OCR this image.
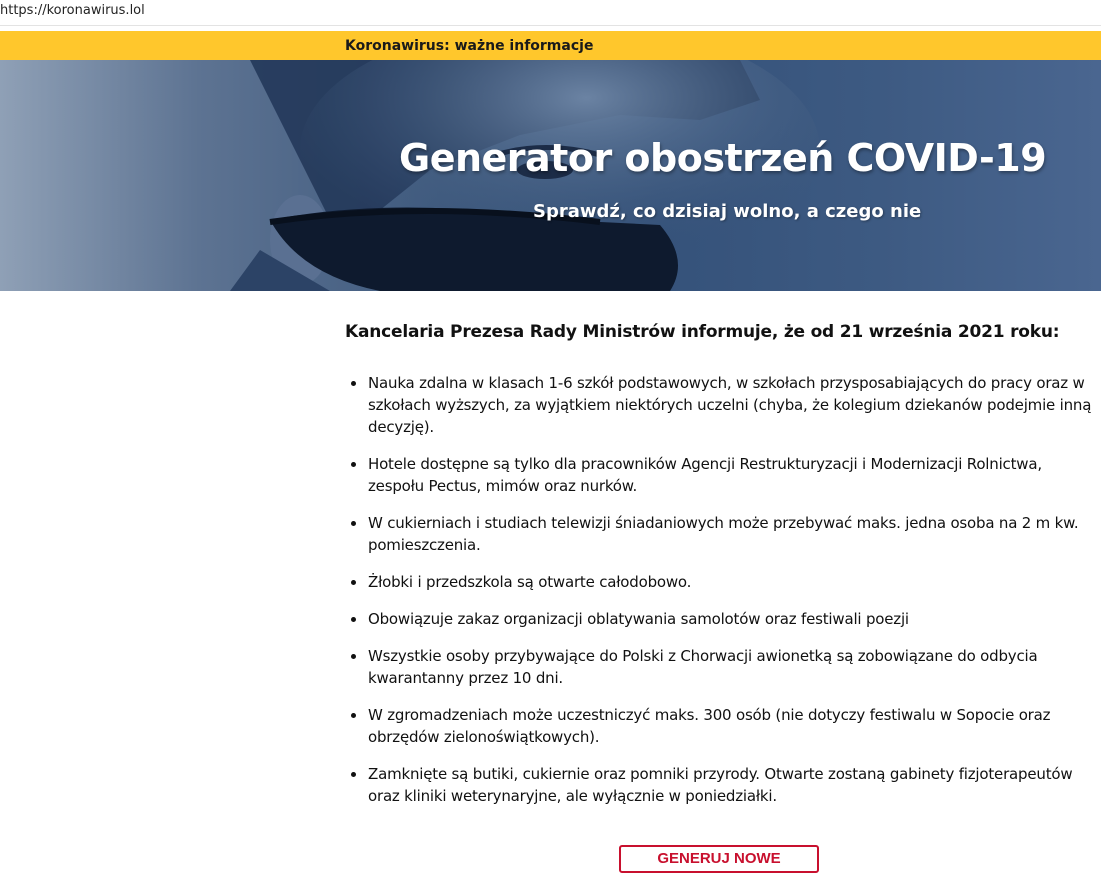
https://koronawirus.lol
Koronawirus: ważne informacje
Generator obostrzeń COVID-19
Sprawdź, co dzisiaj wolno, a czego nie

Kancelaria Prezesa Rady Ministrów informuje, że od 21 września 2021 roku:

Nauka zdalna w klasach 1-6 szkół podstawowych, w szkołach przysposabiających do pracy oraz w szkołach wyższych, za wyjątkiem niektórych uczelni (chyba, że kolegium dziekanów podejmie inną decyzję).
Hotele dostępne są tylko dla pracowników Agencji Restrukturyzacji i Modernizacji Rolnictwa, zespołu Pectus, mimów oraz nurków.
W cukierniach i studiach telewizji śniadaniowych może przebywać maks. jedna osoba na 2 m kw. pomieszczenia.
Żłobki i przedszkola są otwarte całodobowo.
Obowiązuje zakaz organizacji oblatywania samolotów oraz festiwali poezji
Wszystkie osoby przybywające do Polski z Chorwacji awionetką są zobowiązane do odbycia kwarantanny przez 10 dni.
W zgromadzeniach może uczestniczyć maks. 300 osób (nie dotyczy festiwalu w Sopocie oraz obrzędów zielonoświątkowych).
Zamknięte są butiki, cukiernie oraz pomniki przyrody. Otwarte zostaną gabinety fizjoterapeutów oraz kliniki weterynaryjne, ale wyłącznie w poniedziałki.
GENERUJ NOWE
